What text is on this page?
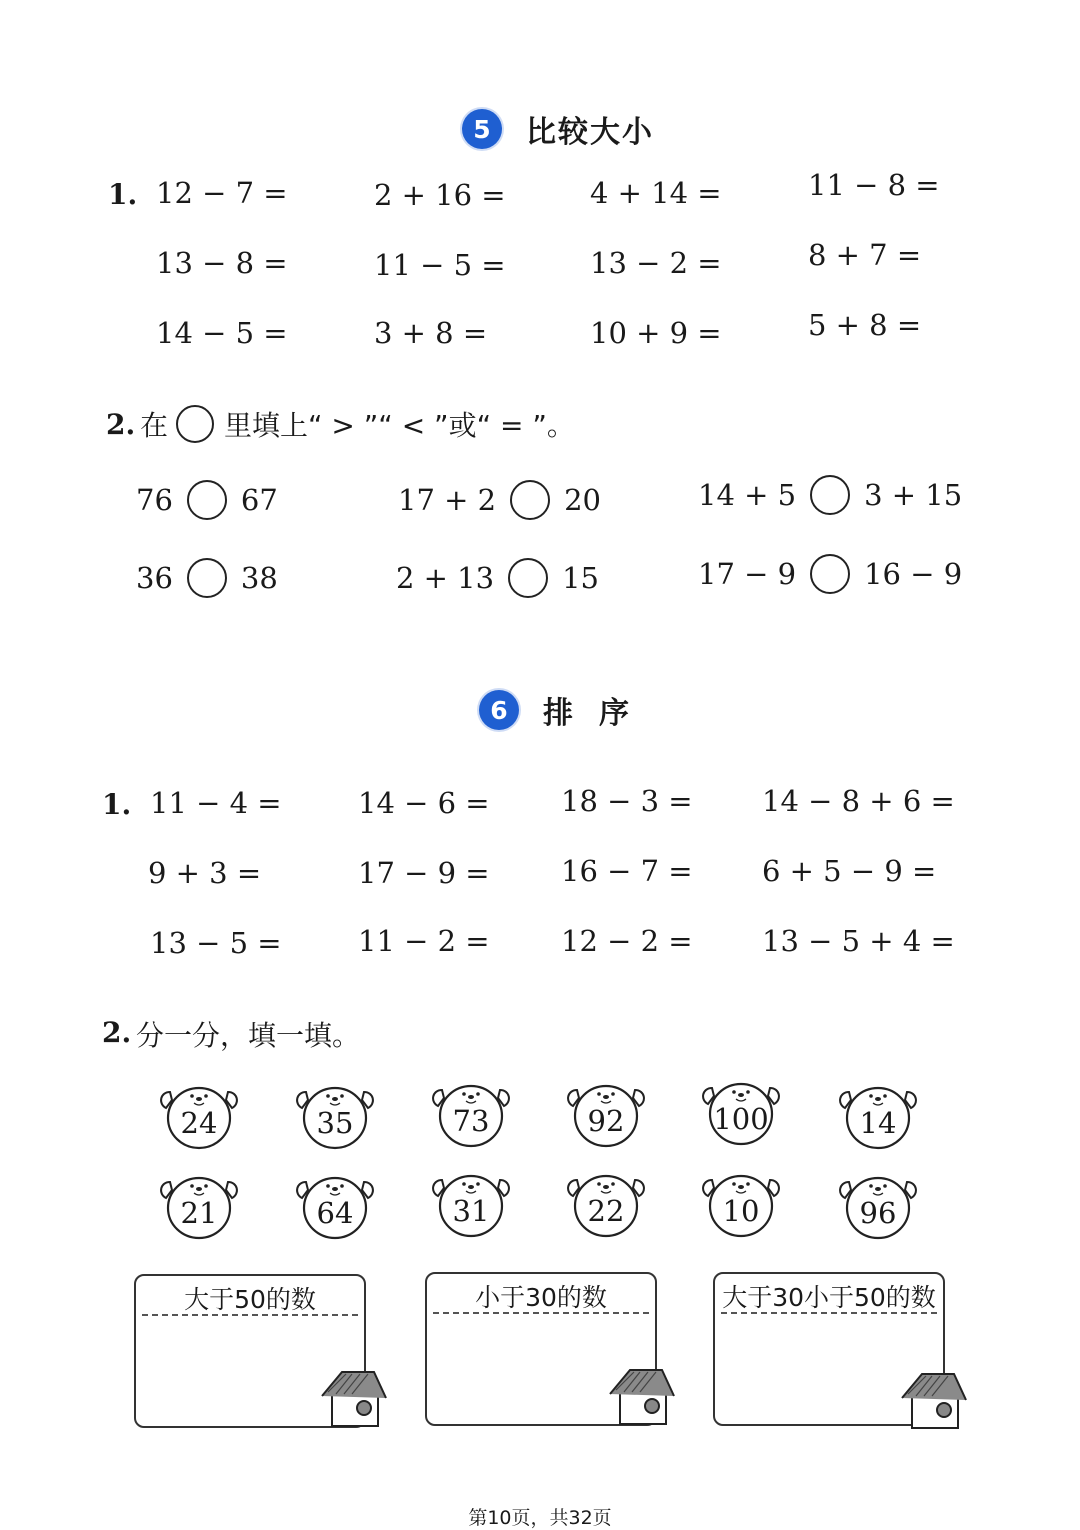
5	比较大小
1. 12 − 7 =	2 + 16 =	4 + 14 =	11 − 8 =
13 − 8 =	11 − 5 =	13 − 2 =	8 + 7 =
14 − 5 =	3 + 8 =	10 + 9 =	5 + 8 =
2. 在 里填上“ > ”“ < ”或“ = ”。
76 67	17 + 2 20	14 + 5 3 + 15
36 38	2 + 13 15	17 − 9 16 − 9
6	排序
1. 11 − 4 =	14 − 6 = 18 − 3 = 14 − 8 + 6 =
9 + 3 =	17 − 9 = 16 − 7 = 6 + 5 − 9 =
13 − 5 =	11 − 2 = 12 − 2 = 13 − 5 + 4 =
2. 分一分，填一填。
24	35	73	92	100	14
21	64	31	22	10	96
大于50的数	小于30的数	大于30小于50的数
第10页，共32页
